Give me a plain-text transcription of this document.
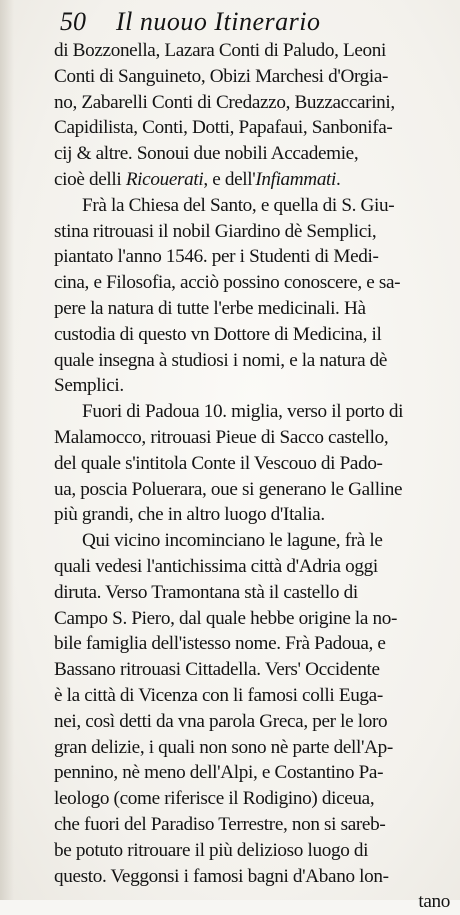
50 Il nuouo Itinerario
di Bozzonella, Lazara Conti di Paludo, Leoni
Conti di Sanguineto, Obizi Marchesi d'Orgia-
no, Zabarelli Conti di Credazzo, Buzzaccarini,
Capidilista, Conti, Dotti, Papafaui, Sanbonifa-
cij & altre. Sonoui due nobili Accademie,
cioè delli Ricouerati, e dell'Infiammati.
Frà la Chiesa del Santo, e quella di S. Giu-
stina ritrouasi il nobil Giardino dè Semplici,
piantato l'anno 1546. per i Studenti di Medi-
cina, e Filosofia, acciò possino conoscere, e sa-
pere la natura di tutte l'erbe medicinali. Hà
custodia di questo vn Dottore di Medicina, il
quale insegna à studiosi i nomi, e la natura dè
Semplici.
Fuori di Padoua 10. miglia, verso il porto di
Malamocco, ritrouasi Pieue di Sacco castello,
del quale s'intitola Conte il Vescouo di Pado-
ua, poscia Poluerara, oue si generano le Galline
più grandi, che in altro luogo d'Italia.
Qui vicino incominciano le lagune, frà le
quali vedesi l'antichissima città d'Adria oggi
diruta. Verso Tramontana stà il castello di
Campo S. Piero, dal quale hebbe origine la no-
bile famiglia dell'istesso nome. Frà Padoua, e
Bassano ritrouasi Cittadella. Vers' Occidente
è la città di Vicenza con li famosi colli Euga-
nei, così detti da vna parola Greca, per le loro
gran delizie, i quali non sono nè parte dell'Ap-
pennino, nè meno dell'Alpi, e Costantino Pa-
leologo (come riferisce il Rodigino) diceua,
che fuori del Paradiso Terrestre, non si sareb-
be potuto ritrouare il più delizioso luogo di
questo. Veggonsi i famosi bagni d'Abano lon-
tano
